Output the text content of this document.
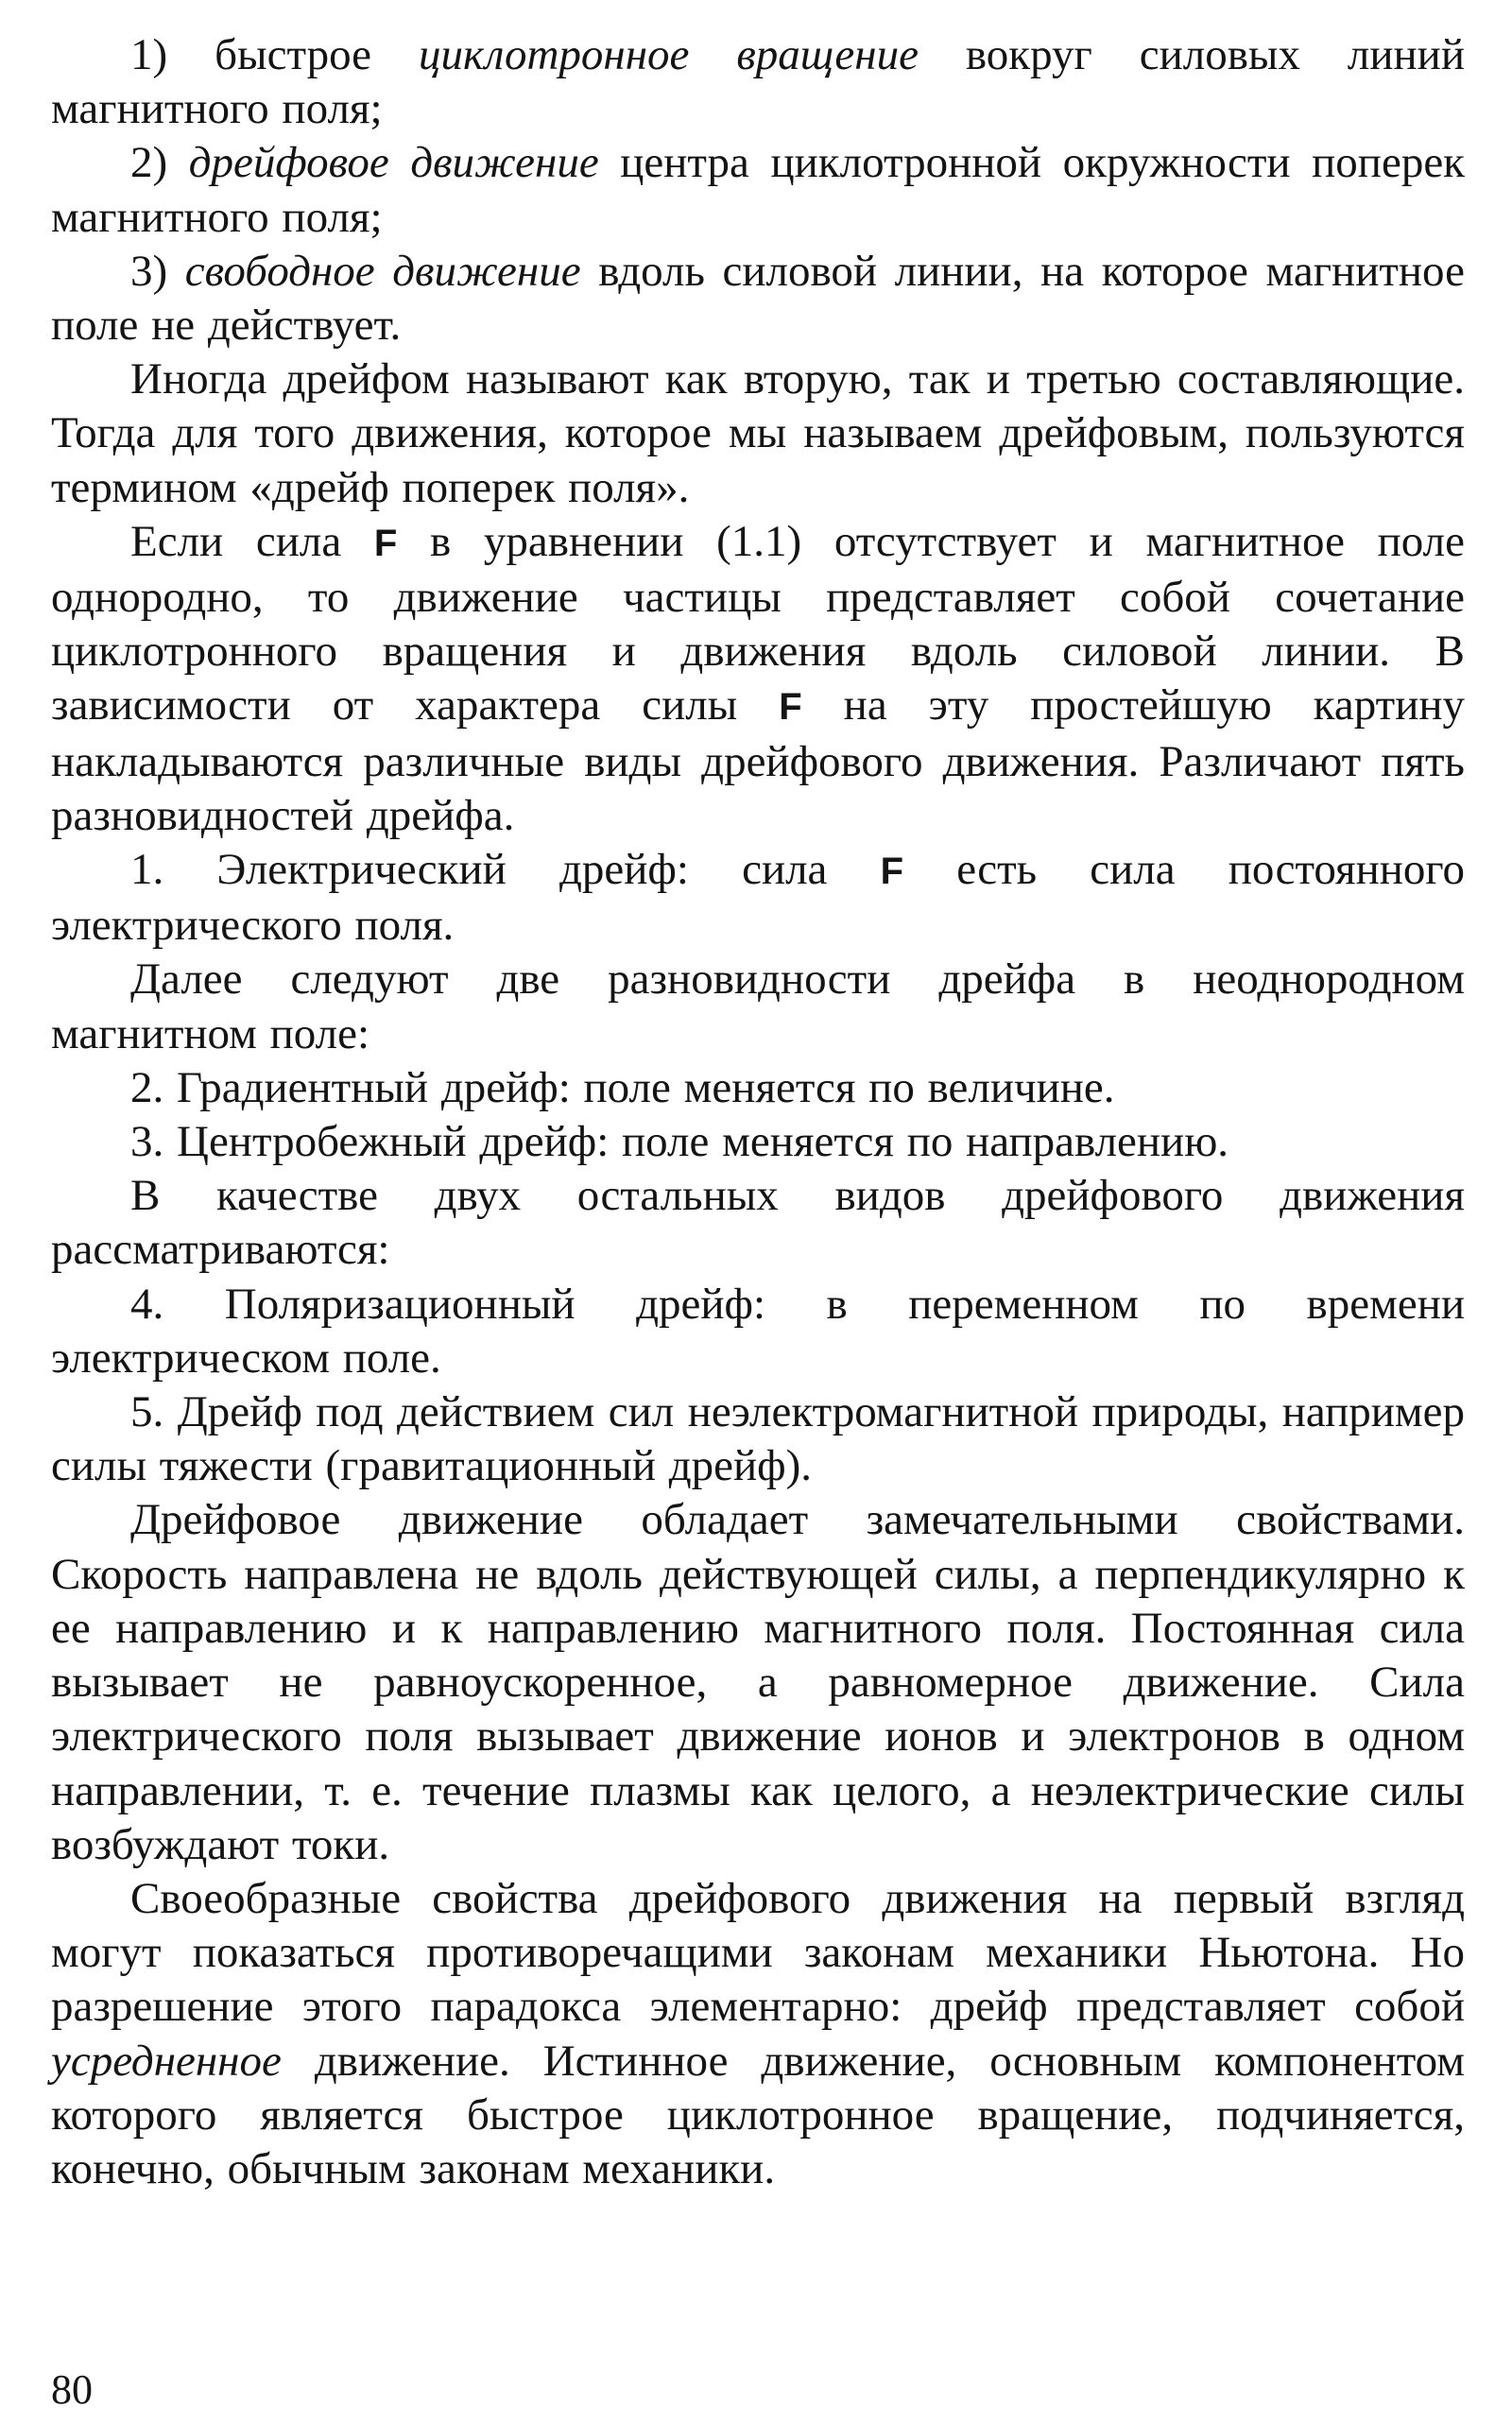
1) быстрое циклотронное вращение вокруг силовых линий магнитного поля;

2) дрейфовое движение центра циклотронной окружности поперек магнитного поля;

3) свободное движение вдоль силовой линии, на которое магнитное поле не действует.

Иногда дрейфом называют как вторую, так и третью составляющие. Тогда для того движения, которое мы называем дрейфовым, пользуются термином «дрейф поперек поля».

Если сила F в уравнении (1.1) отсутствует и магнитное поле однородно, то движение частицы представляет собой сочетание циклотронного вращения и движения вдоль силовой линии. В зависимости от характера силы F на эту простейшую картину накладываются различные виды дрейфового движения. Различают пять разновидностей дрейфа.

1. Электрический дрейф: сила F есть сила постоянного электрического поля.

Далее следуют две разновидности дрейфа в неоднородном магнитном поле:

2. Градиентный дрейф: поле меняется по величине.

3. Центробежный дрейф: поле меняется по направлению.

В качестве двух остальных видов дрейфового движения рассматриваются:

4. Поляризационный дрейф: в переменном по времени электрическом поле.

5. Дрейф под действием сил неэлектромагнитной природы, например силы тяжести (гравитационный дрейф).

Дрейфовое движение обладает замечательными свойствами. Скорость направлена не вдоль действующей силы, а перпендикулярно к ее направлению и к направлению магнитного поля. Постоянная сила вызывает не равноускоренное, а равномерное движение. Сила электрического поля вызывает движение ионов и электронов в одном направлении, т. е. течение плазмы как целого, а неэлектрические силы возбуждают токи.

Своеобразные свойства дрейфового движения на первый взгляд могут показаться противоречащими законам механики Ньютона. Но разрешение этого парадокса элементарно: дрейф представляет собой усредненное движение. Истинное движение, основным компонентом которого является быстрое циклотронное вращение, подчиняется, конечно, обычным законам механики.

80
